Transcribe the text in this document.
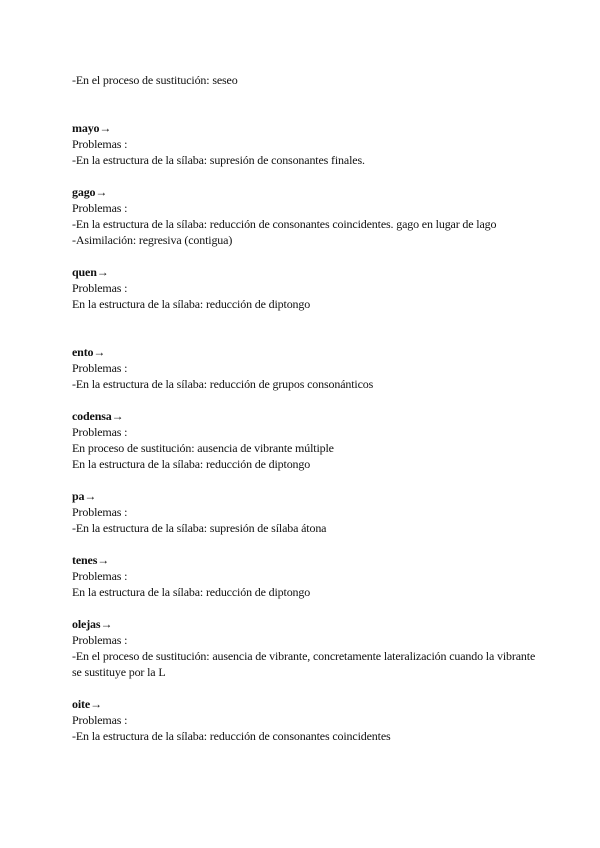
-En el proceso de sustitución: seseo
mayo→
Problemas :
-En la estructura de la sílaba: supresión de consonantes finales.
gago→
Problemas :
-En la estructura de la sílaba: reducción de consonantes coincidentes. gago en lugar de lago
-Asimilación: regresiva (contigua)
quen→
Problemas :
En la estructura de la sílaba: reducción de diptongo
ento→
Problemas :
-En la estructura de la sílaba: reducción de grupos consonánticos
codensa→
Problemas :
En proceso de sustitución: ausencia de vibrante múltiple
En la estructura de la sílaba: reducción de diptongo
pa→
Problemas :
-En la estructura de la sílaba: supresión de sílaba átona
tenes→
Problemas :
En la estructura de la sílaba: reducción de diptongo
olejas→
Problemas :
-En el proceso de sustitución: ausencia de vibrante, concretamente lateralización cuando la vibrante se sustituye por la L
oite→
Problemas :
-En la estructura de la sílaba: reducción de consonantes coincidentes
